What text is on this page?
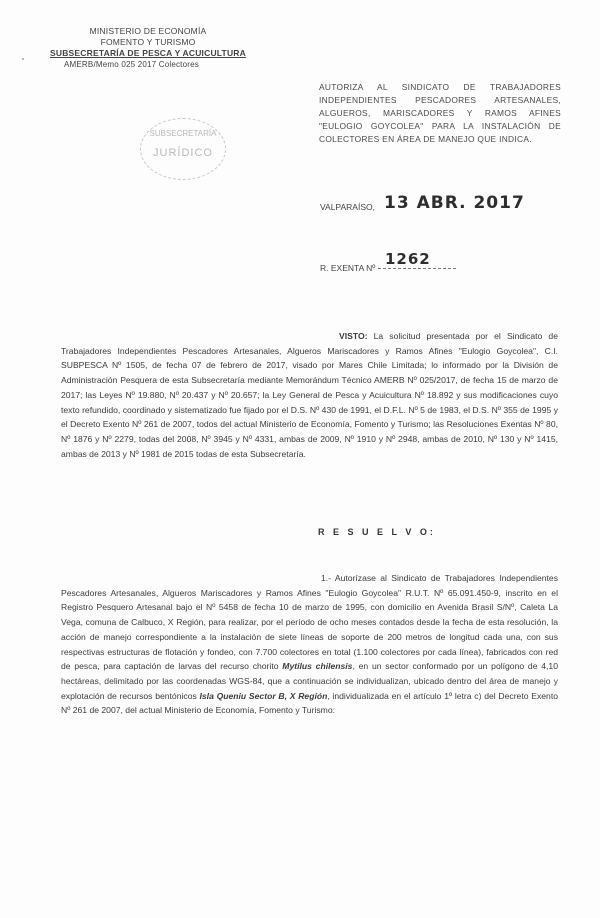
MINISTERIO DE ECONOMÍA
FOMENTO Y TURISMO
SUBSECRETARÍA DE PESCA Y ACUICULTURA
AMERB/Memo 025 2017 Colectores
SUBSECRETARÍA
JURÍDICO
AUTORIZA AL SINDICATO DE TRABAJADORES INDEPENDIENTES PESCADORES ARTESANALES, ALGUEROS, MARISCADORES Y RAMOS AFINES "EULOGIO GOYCOLEA" PARA LA INSTALACIÓN DE COLECTORES EN ÁREA DE MANEJO QUE INDICA.
VALPARAÍSO, 13 ABR. 2017
R. EXENTA Nº 1262
VISTO: La solicitud presentada por el Sindicato de Trabajadores Independientes Pescadores Artesanales, Algueros Mariscadores y Ramos Afines "Eulogio Goycolea", C.I. SUBPESCA Nº 1505, de fecha 07 de febrero de 2017, visado por Mares Chile Limitada; lo informado por la División de Administración Pesquera de esta Subsecretaría mediante Memorándum Técnico AMERB Nº 025/2017, de fecha 15 de marzo de 2017; las Leyes Nº 19.880, Nº 20.437 y Nº 20.657; la Ley General de Pesca y Acuicultura Nº 18.892 y sus modificaciones cuyo texto refundido, coordinado y sistematizado fue fijado por el D.S. Nº 430 de 1991, el D.F.L. Nº 5 de 1983, el D.S. Nº 355 de 1995 y el Decreto Exento Nº 261 de 2007, todos del actual Ministerio de Economía, Fomento y Turismo; las Resoluciones Exentas Nº 80, Nº 1876 y Nº 2279, todas del 2008, Nº 3945 y Nº 4331, ambas de 2009, Nº 1910 y Nº 2948, ambas de 2010, Nº 130 y Nº 1415, ambas de 2013 y Nº 1981 de 2015 todas de esta Subsecretaría.
R E S U E L V O:
1.- Autorízase al Sindicato de Trabajadores Independientes Pescadores Artesanales, Algueros Mariscadores y Ramos Afines "Eulogio Goycolea" R.U.T. Nº 65.091.450-9, inscrito en el Registro Pesquero Artesanal bajo el Nº 5458 de fecha 10 de marzo de 1995, con domicilio en Avenida Brasil S/Nº, Caleta La Vega, comuna de Calbuco, X Región, para realizar, por el período de ocho meses contados desde la fecha de esta resolución, la acción de manejo correspondiente a la instalación de siete líneas de soporte de 200 metros de longitud cada una, con sus respectivas estructuras de flotación y fondeo, con 7.700 colectores en total (1.100 colectores por cada línea), fabricados con red de pesca, para captación de larvas del recurso chorito Mytilus chilensis, en un sector conformado por un polígono de 4,10 hectáreas, delimitado por las coordenadas WGS-84, que a continuación se individualizan, ubicado dentro del área de manejo y explotación de recursos bentónicos Isla Queniu Sector B, X Región, individualizada en el artículo 1º letra c) del Decreto Exento Nº 261 de 2007, del actual Ministerio de Economía, Fomento y Turismo:
